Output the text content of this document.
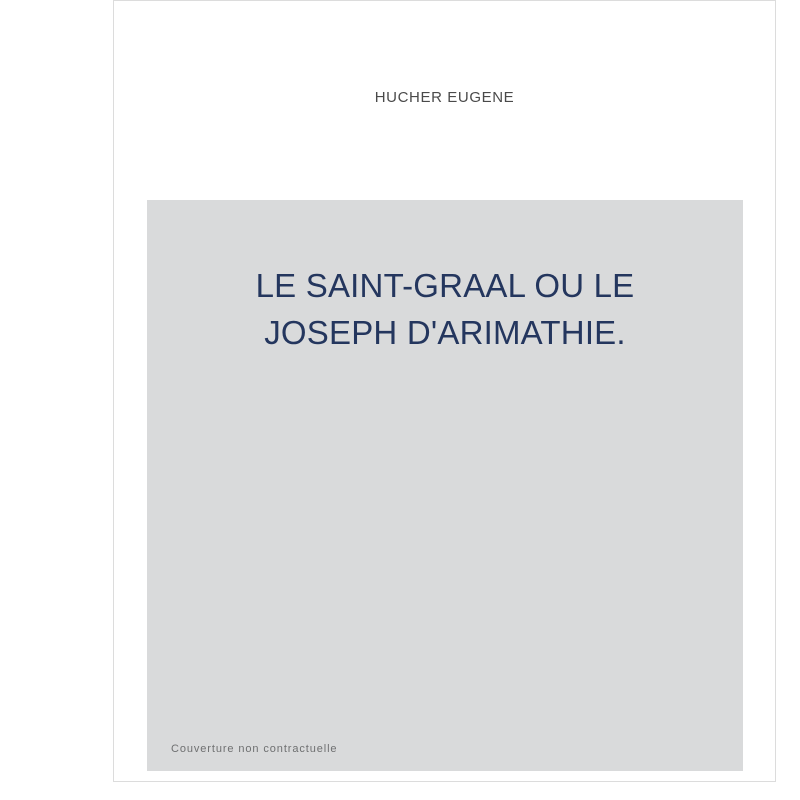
HUCHER EUGENE
LE SAINT-GRAAL OU LE
JOSEPH D'ARIMATHIE.
Couverture non contractuelle
